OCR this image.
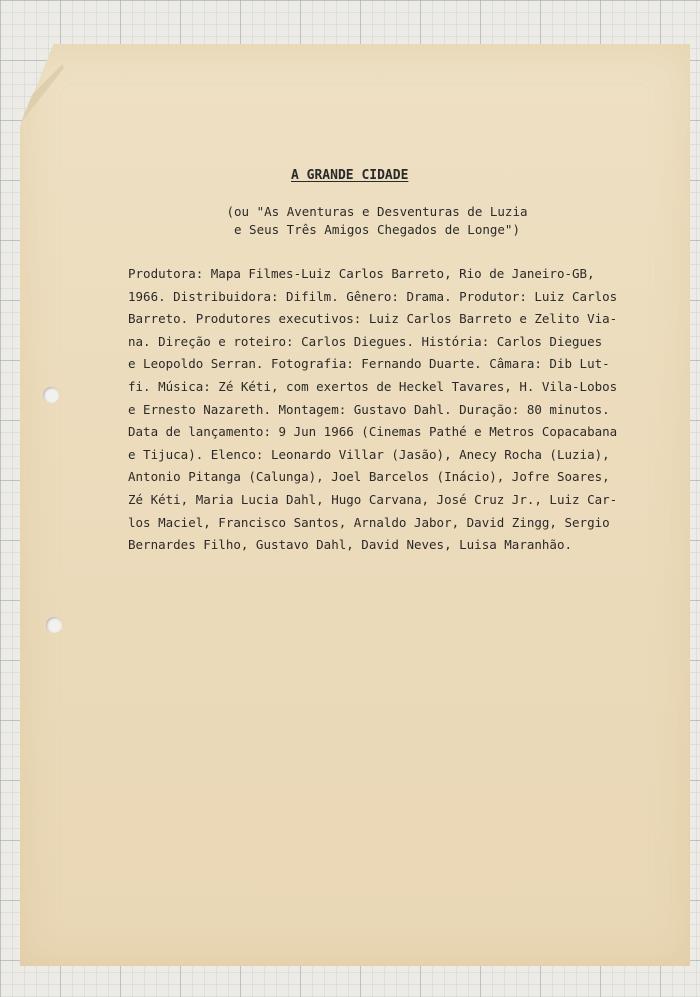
A GRANDE CIDADE
(ou "As Aventuras e Desventuras de Luzia
e Seus Três Amigos Chegados de Longe")
Produtora: Mapa Filmes-Luiz Carlos Barreto, Rio de Janeiro-GB,
1966. Distribuidora: Difilm. Gênero: Drama. Produtor: Luiz Carlos
Barreto. Produtores executivos: Luiz Carlos Barreto e Zelito Via-
na. Direção e roteiro: Carlos Diegues. História: Carlos Diegues
e Leopoldo Serran. Fotografia: Fernando Duarte. Câmara: Dib Lut-
fi. Música: Zé Kéti, com exertos de Heckel Tavares, H. Vila-Lobos
e Ernesto Nazareth. Montagem: Gustavo Dahl. Duração: 80 minutos.
Data de lançamento: 9 Jun 1966 (Cinemas Pathé e Metros Copacabana
e Tijuca). Elenco: Leonardo Villar (Jasão), Anecy Rocha (Luzia),
Antonio Pitanga (Calunga), Joel Barcelos (Inácio), Jofre Soares,
Zé Kéti, Maria Lucia Dahl, Hugo Carvana, José Cruz Jr., Luiz Car-
los Maciel, Francisco Santos, Arnaldo Jabor, David Zingg, Sergio
Bernardes Filho, Gustavo Dahl, David Neves, Luisa Maranhão.
